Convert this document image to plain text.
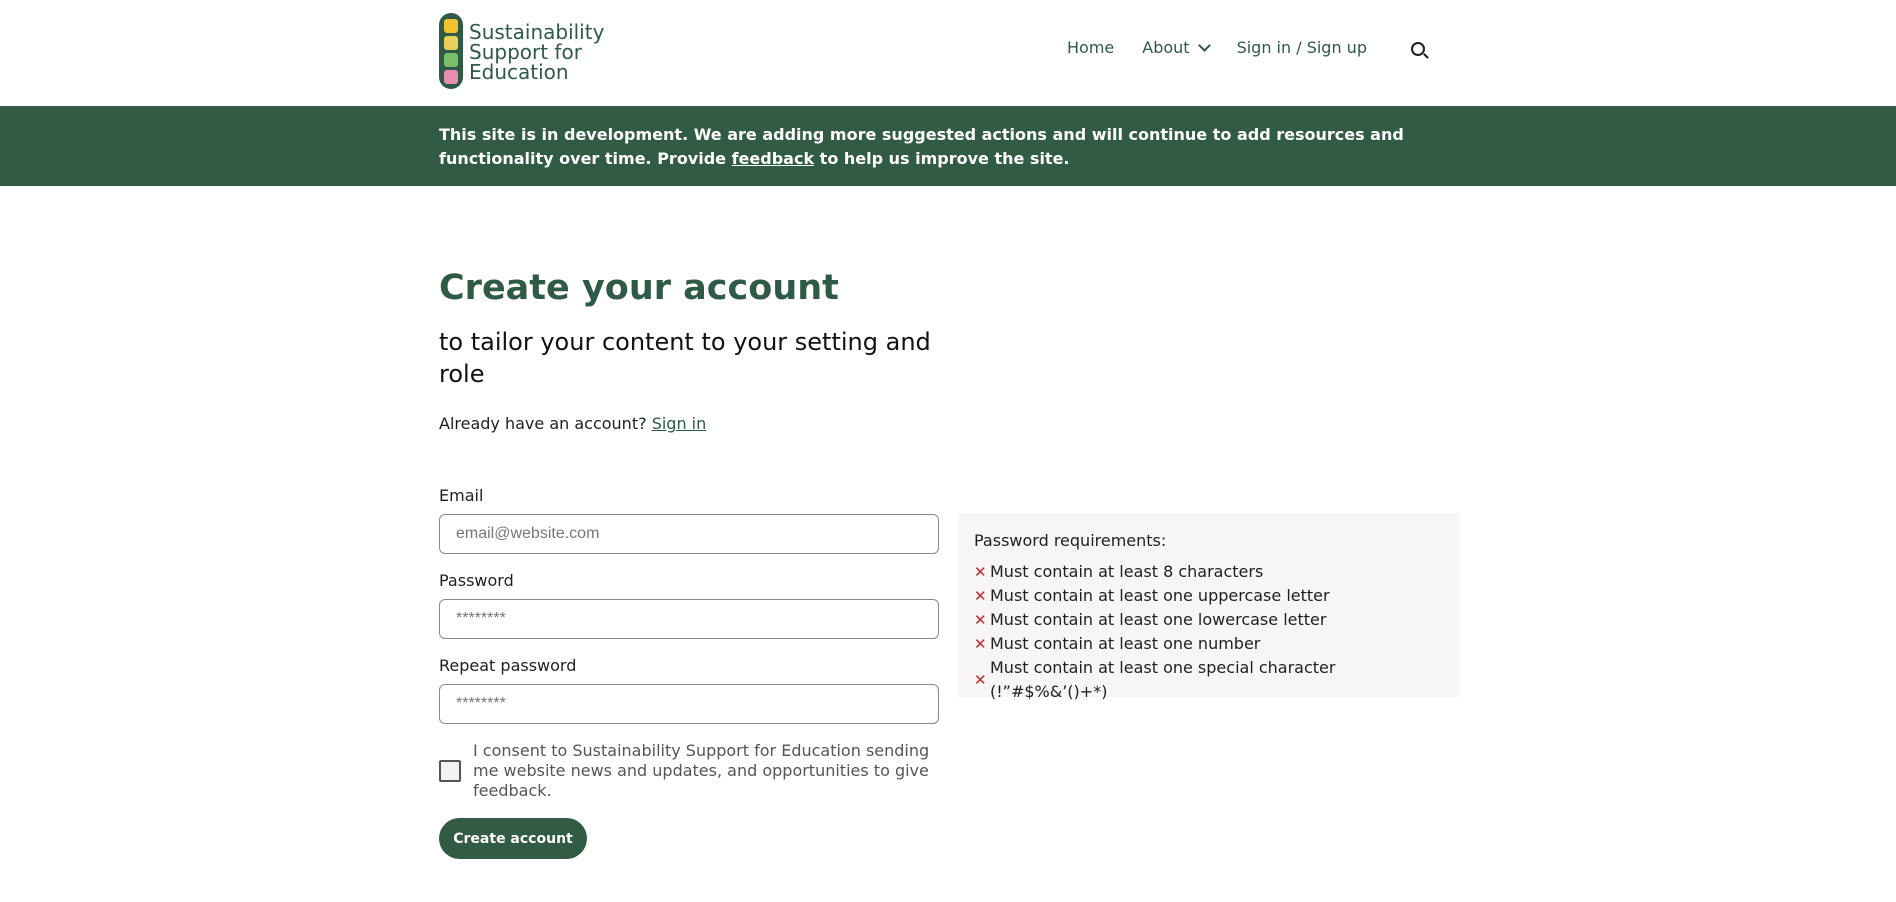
Sustainability
Support for
Education
Home About	Sign in / Sign up

This site is in development. We are adding more suggested actions and will continue to add resources and functionality over time. Provide feedback to help us improve the site.

Create your account

to tailor your content to your setting and role

Already have an account? Sign in
Email
email@website.com
Password
********
Repeat password
********

I consent to Sustainability Support for Education sending me website news and updates, and opportunities to give feedback.

Create account

Password requirements:

✕ Must contain at least 8 characters
✕ Must contain at least one uppercase letter
✕ Must contain at least one lowercase letter
✕ Must contain at least one number
✕
Must contain at least one special character (!”#$%&’()+*)
